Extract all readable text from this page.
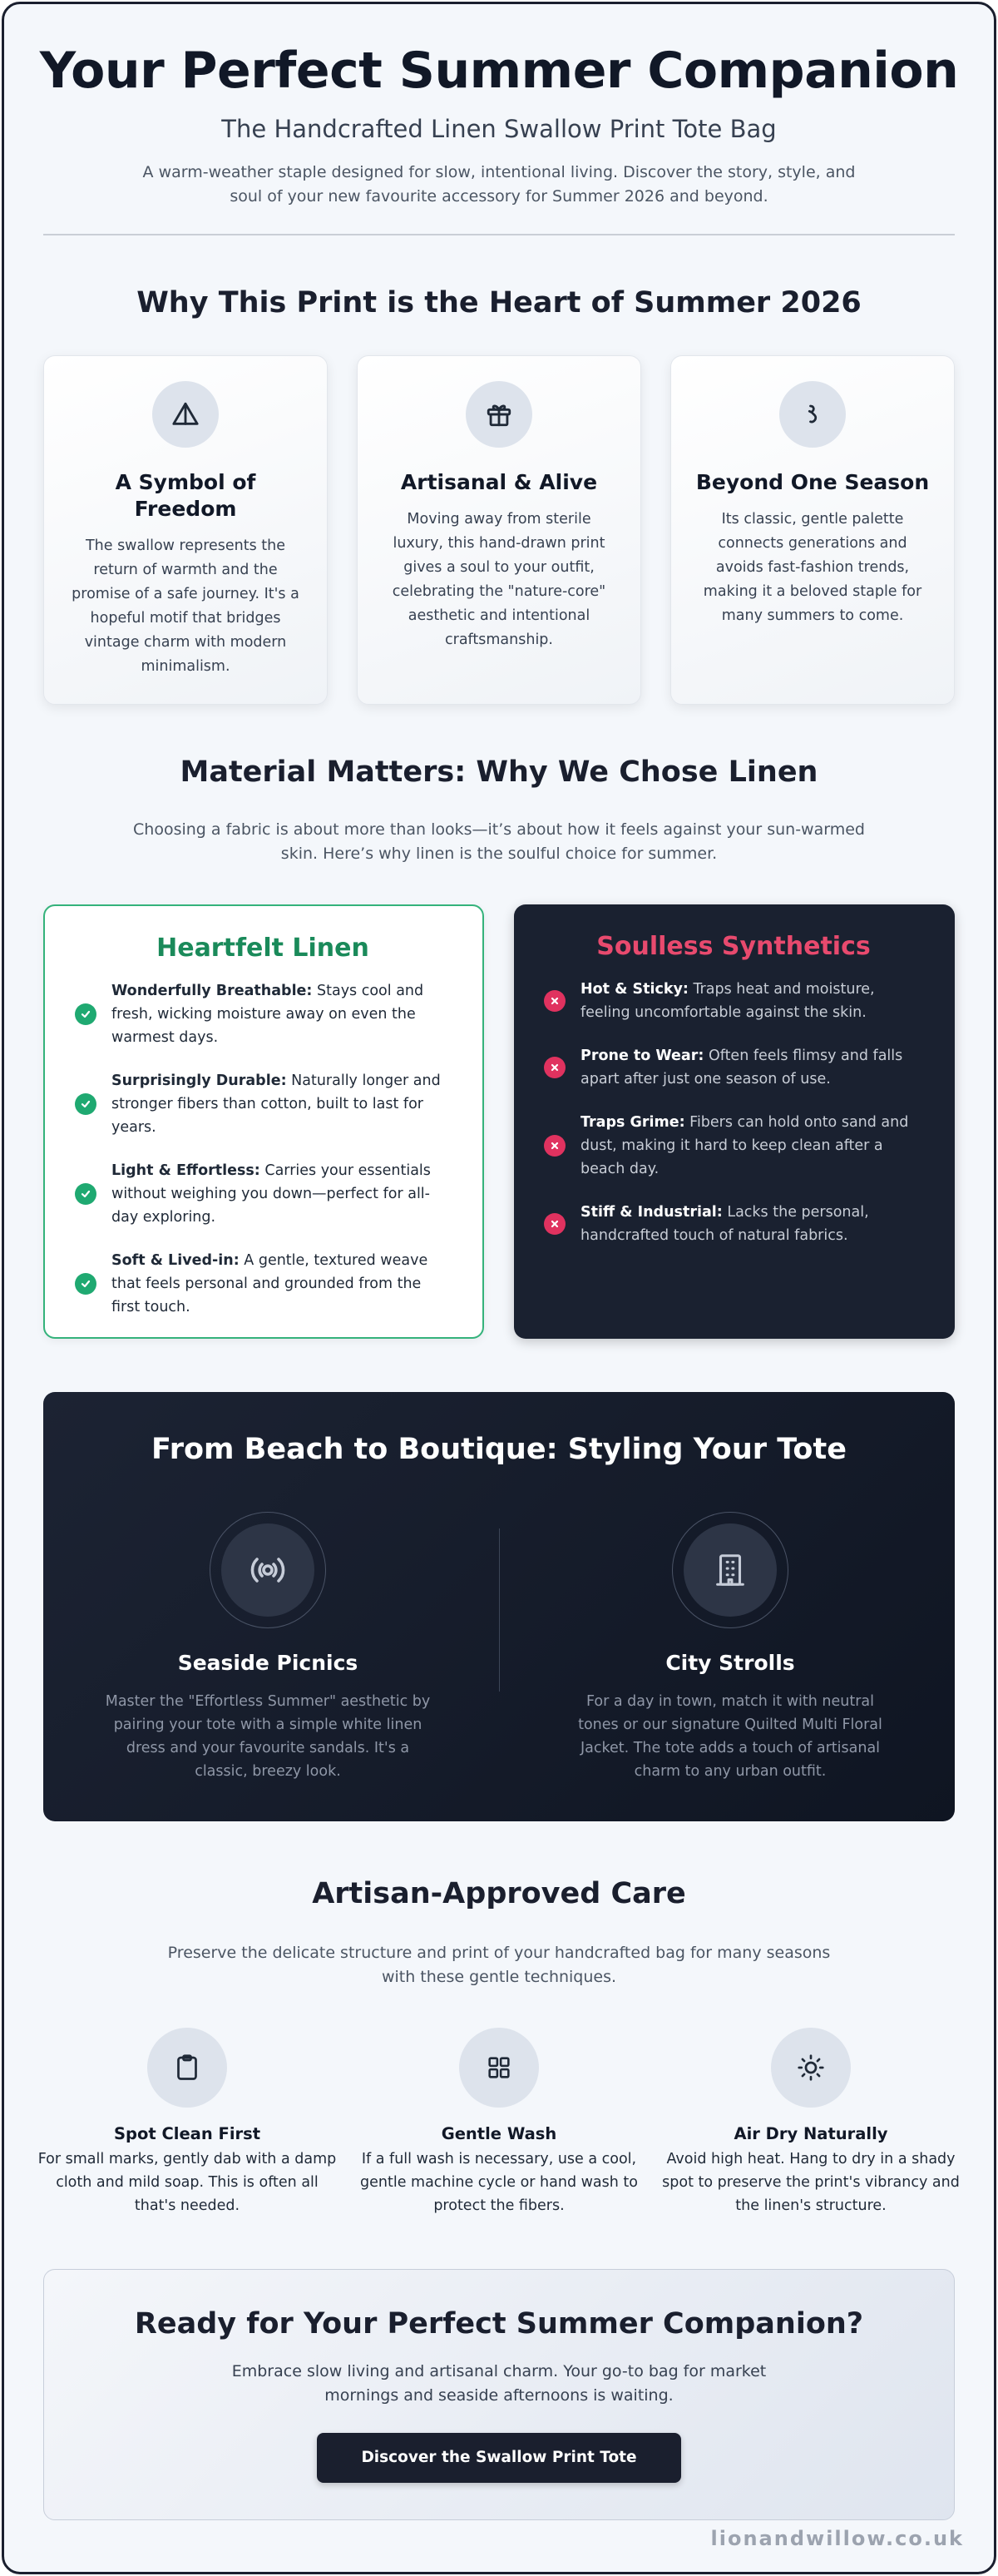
Your Perfect Summer Companion
The Handcrafted Linen Swallow Print Tote Bag

A warm-weather staple designed for slow, intentional living. Discover the story, style, and soul of your new favourite accessory for Summer 2026 and beyond.

Why This Print is the Heart of Summer 2026
A Symbol of Freedom

The swallow represents the return of warmth and the promise of a safe journey. It's a hopeful motif that bridges vintage charm with modern minimalism.

Artisanal & Alive

Moving away from sterile luxury, this hand-drawn print gives a soul to your outfit, celebrating the "nature-core" aesthetic and intentional craftsmanship.

Beyond One Season

Its classic, gentle palette connects generations and avoids fast-fashion trends, making it a beloved staple for many summers to come.

Material Matters: Why We Chose Linen

Choosing a fabric is about more than looks—it’s about how it feels against your sun-warmed skin. Here’s why linen is the soulful choice for summer.

Heartfelt Linen
Wonderfully Breathable: Stays cool and fresh, wicking moisture away on even the warmest days.
Surprisingly Durable: Naturally longer and stronger fibers than cotton, built to last for years.
Light & Effortless: Carries your essentials without weighing you down—perfect for all-day exploring.
Soft & Lived-in: A gentle, textured weave that feels personal and grounded from the first touch.
Soulless Synthetics
Hot & Sticky: Traps heat and moisture, feeling uncomfortable against the skin.
Prone to Wear: Often feels flimsy and falls apart after just one season of use.
Traps Grime: Fibers can hold onto sand and dust, making it hard to keep clean after a beach day.
Stiff & Industrial: Lacks the personal, handcrafted touch of natural fabrics.
From Beach to Boutique: Styling Your Tote
Seaside Picnics

Master the "Effortless Summer" aesthetic by pairing your tote with a simple white linen dress and your favourite sandals. It's a classic, breezy look.

City Strolls

For a day in town, match it with neutral tones or our signature Quilted Multi Floral Jacket. The tote adds a touch of artisanal charm to any urban outfit.

Artisan-Approved Care

Preserve the delicate structure and print of your handcrafted bag for many seasons with these gentle techniques.

Spot Clean First

For small marks, gently dab with a damp cloth and mild soap. This is often all that's needed.

Gentle Wash

If a full wash is necessary, use a cool, gentle machine cycle or hand wash to protect the fibers.

Air Dry Naturally

Avoid high heat. Hang to dry in a shady spot to preserve the print's vibrancy and the linen's structure.

Ready for Your Perfect Summer Companion?

Embrace slow living and artisanal charm. Your go-to bag for market mornings and seaside afternoons is waiting.

Discover the Swallow Print Tote
lionandwillow.co.uk
